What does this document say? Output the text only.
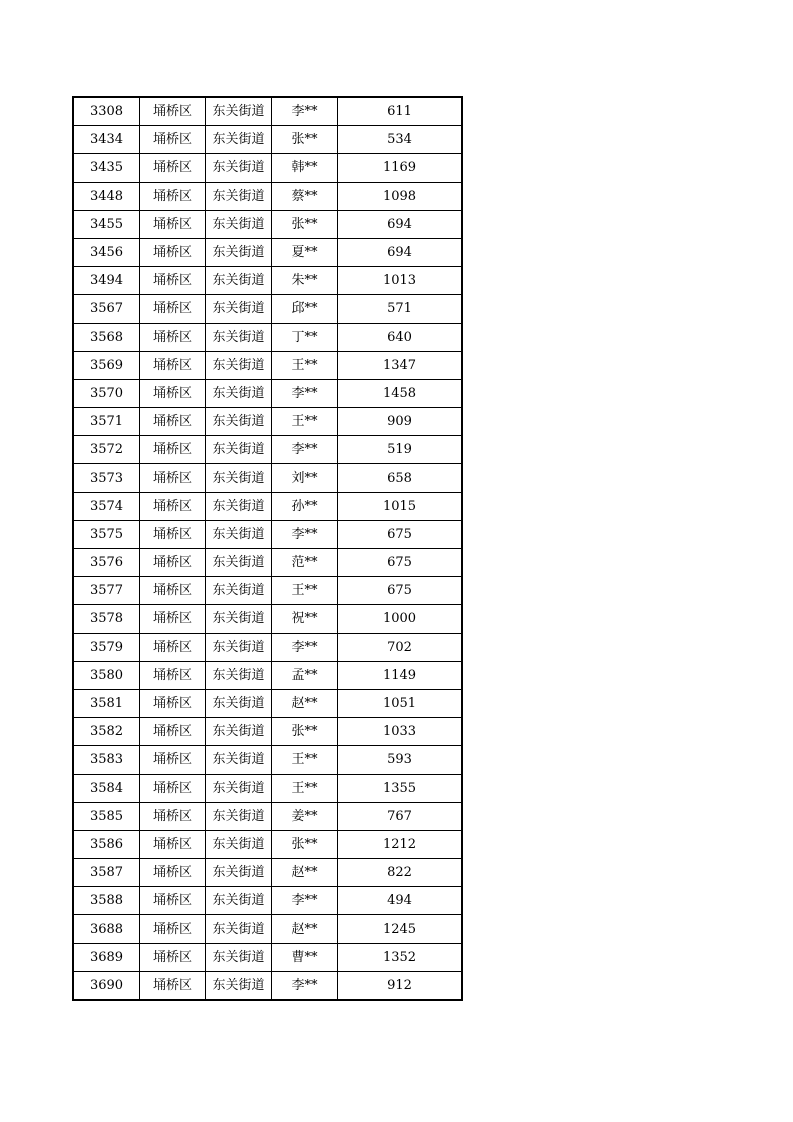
3308	埇桥区	东关街道	李**	611
3434	埇桥区	东关街道	张**	534
3435	埇桥区	东关街道	韩**	1169
3448	埇桥区	东关街道	蔡**	1098
3455	埇桥区	东关街道	张**	694
3456	埇桥区	东关街道	夏**	694
3494	埇桥区	东关街道	朱**	1013
3567	埇桥区	东关街道	邱**	571
3568	埇桥区	东关街道	丁**	640
3569	埇桥区	东关街道	王**	1347
3570	埇桥区	东关街道	李**	1458
3571	埇桥区	东关街道	王**	909
3572	埇桥区	东关街道	李**	519
3573	埇桥区	东关街道	刘**	658
3574	埇桥区	东关街道	孙**	1015
3575	埇桥区	东关街道	李**	675
3576	埇桥区	东关街道	范**	675
3577	埇桥区	东关街道	王**	675
3578	埇桥区	东关街道	祝**	1000
3579	埇桥区	东关街道	李**	702
3580	埇桥区	东关街道	孟**	1149
3581	埇桥区	东关街道	赵**	1051
3582	埇桥区	东关街道	张**	1033
3583	埇桥区	东关街道	王**	593
3584	埇桥区	东关街道	王**	1355
3585	埇桥区	东关街道	姜**	767
3586	埇桥区	东关街道	张**	1212
3587	埇桥区	东关街道	赵**	822
3588	埇桥区	东关街道	李**	494
3688	埇桥区	东关街道	赵**	1245
3689	埇桥区	东关街道	曹**	1352
3690	埇桥区	东关街道	李**	912
